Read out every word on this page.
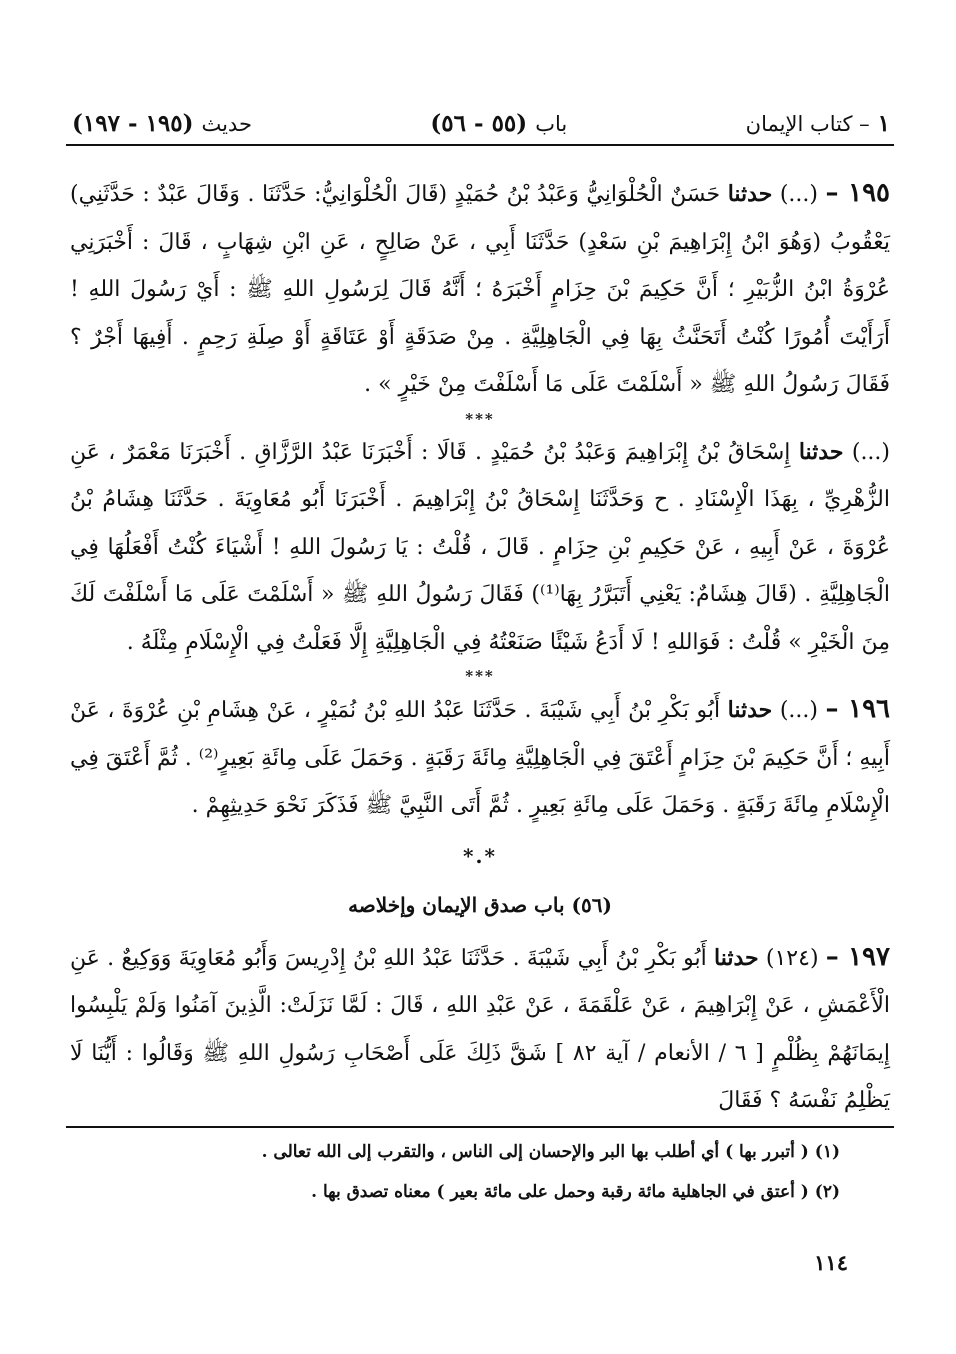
١
– كتاب الإيمان
باب
(٥٥ - ٥٦)
حديث
(١٩٥ - ١٩٧)

١٩٥ – (...) حدثنا حَسَنٌ الْحُلْوَانِيُّ وَعَبْدُ بْنُ حُمَيْدٍ (قَالَ الْحُلْوَانِيُّ: حَدَّثَنَا . وَقَالَ عَبْدٌ : حَدَّثَنِي) يَعْقُوبُ (وَهُوَ ابْنُ إِبْرَاهِيمَ بْنِ سَعْدٍ) حَدَّثَنَا أَبِي ، عَنْ صَالِحٍ ، عَنِ ابْنِ شِهَابٍ ، قَالَ : أَخْبَرَنِي عُرْوَةُ ابْنُ الزُّبَيْرِ ؛ أَنَّ حَكِيمَ بْنَ حِزَامٍ أَخْبَرَهُ ؛ أَنَّهُ قَالَ لِرَسُولِ اللهِ ﷺ : أَيْ رَسُولَ اللهِ ! أَرَأَيْتَ أُمُورًا كُنْتُ أَتَحَنَّثُ بِهَا فِي الْجَاهِلِيَّةِ . مِنْ صَدَقَةٍ أَوْ عَتَاقَةٍ أَوْ صِلَةِ رَحِمٍ . أَفِيهَا أَجْرٌ ؟ فَقَالَ رَسُولُ اللهِ ﷺ « أَسْلَمْتَ عَلَى مَا أَسْلَفْتَ مِنْ خَيْرٍ » .

***

(...) حدثنا إِسْحَاقُ بْنُ إِبْرَاهِيمَ وَعَبْدُ بْنُ حُمَيْدٍ . قَالَا : أَخْبَرَنَا عَبْدُ الرَّزَّاقِ . أَخْبَرَنَا مَعْمَرٌ ، عَنِ الزُّهْرِيِّ ، بِهَذَا الْإِسْنَادِ . ح وَحَدَّثَنَا إِسْحَاقُ بْنُ إِبْرَاهِيمَ . أَخْبَرَنَا أَبُو مُعَاوِيَةَ . حَدَّثَنَا هِشَامُ بْنُ عُرْوَةَ ، عَنْ أَبِيهِ ، عَنْ حَكِيمِ بْنِ حِزَامٍ . قَالَ ، قُلْتُ : يَا رَسُولَ اللهِ ! أَشْيَاءَ كُنْتُ أَفْعَلُهَا فِي الْجَاهِلِيَّةِ . (قَالَ هِشَامٌ: يَعْنِي أَتَبَرَّرُ بِهَا⁽¹⁾) فَقَالَ رَسُولُ اللهِ ﷺ « أَسْلَمْتَ عَلَى مَا أَسْلَفْتَ لَكَ مِنَ الْخَيْرِ » قُلْتُ : فَوَاللهِ ! لَا أَدَعُ شَيْئًا صَنَعْتُهُ فِي الْجَاهِلِيَّةِ إِلَّا فَعَلْتُ فِي الْإِسْلَامِ مِثْلَهُ .

***

١٩٦ – (...) حدثنا أَبُو بَكْرِ بْنُ أَبِي شَيْبَةَ . حَدَّثَنَا عَبْدُ اللهِ بْنُ نُمَيْرٍ ، عَنْ هِشَامِ بْنِ عُرْوَةَ ، عَنْ أَبِيهِ ؛ أَنَّ حَكِيمَ بْنَ حِزَامٍ أَعْتَقَ فِي الْجَاهِلِيَّةِ مِائَةَ رَقَبَةٍ . وَحَمَلَ عَلَى مِائَةِ بَعِيرٍ⁽²⁾ . ثُمَّ أَعْتَقَ فِي الْإِسْلَامِ مِائَةَ رَقَبَةٍ . وَحَمَلَ عَلَى مِائَةِ بَعِيرٍ . ثُمَّ أَتَى النَّبِيَّ ﷺ فَذَكَرَ نَحْوَ حَدِيثِهِمْ .

*.*

(٥٦) باب صدق الإيمان وإخلاصه

١٩٧ – (١٢٤) حدثنا أَبُو بَكْرِ بْنُ أَبِي شَيْبَةَ . حَدَّثَنَا عَبْدُ اللهِ بْنُ إِدْرِيسَ وَأَبُو مُعَاوِيَةَ وَوَكِيعٌ . عَنِ الْأَعْمَشِ ، عَنْ إِبْرَاهِيمَ ، عَنْ عَلْقَمَةَ ، عَنْ عَبْدِ اللهِ ، قَالَ : لَمَّا نَزَلَتْ: الَّذِينَ آمَنُوا وَلَمْ يَلْبِسُوا إِيمَانَهُمْ بِظُلْمٍ [ ٦ / الأنعام / آية ٨٢ ] شَقَّ ذَلِكَ عَلَى أَصْحَابِ رَسُولِ اللهِ ﷺ وَقَالُوا : أَيُّنَا لَا يَظْلِمُ نَفْسَهُ ؟ فَقَالَ

(١) ( أتبرر بها ) أي أطلب بها البر والإحسان إلى الناس ، والتقرب إلى الله تعالى .

(٢) ( أعتق في الجاهلية مائة رقبة وحمل على مائة بعير ) معناه تصدق بها .

١١٤
